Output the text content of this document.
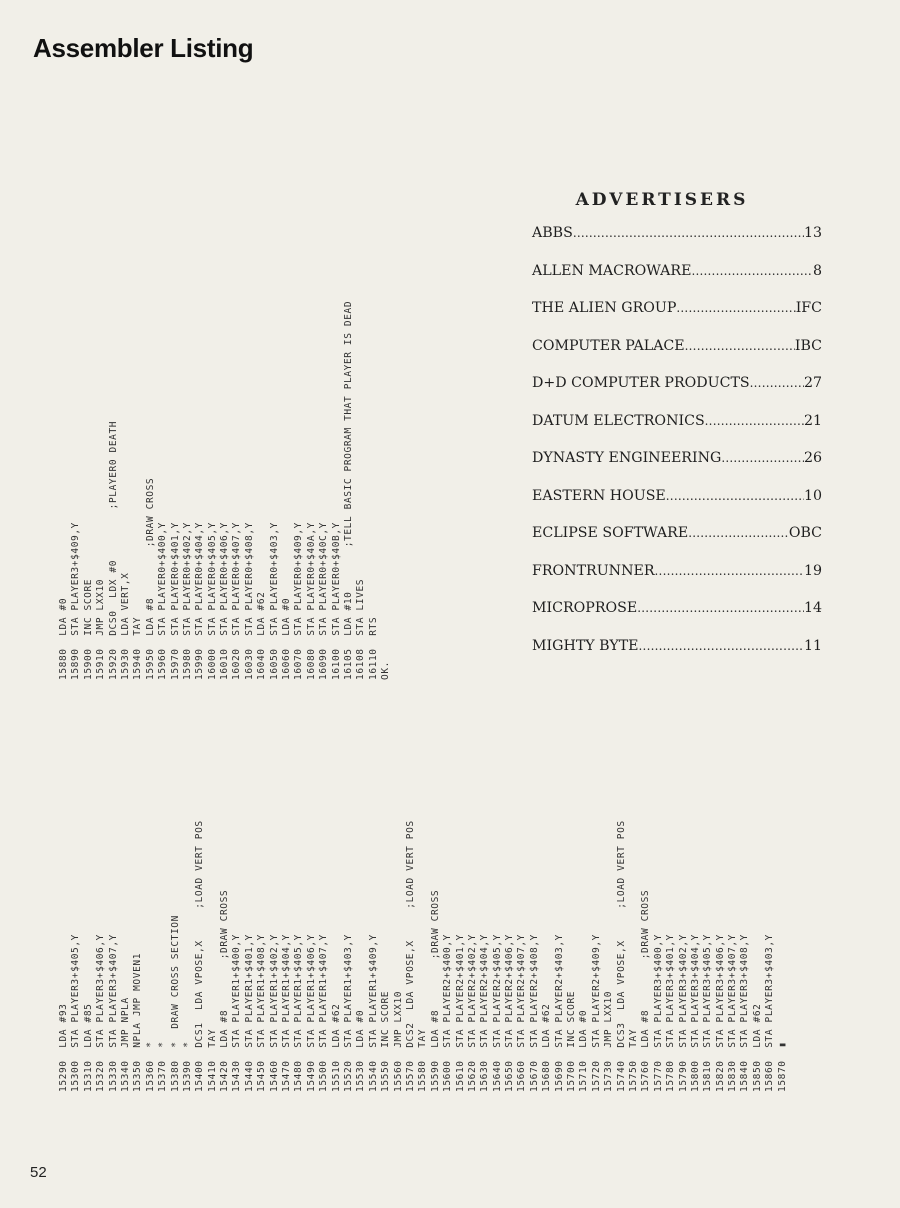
Assembler Listing
15880  LDA #0 15890  STA PLAYER3+$409,Y 15900  INC SCORE 15910  JMP LXX10 15920  DCS0  LDX #0        ;PLAYER0 DEATH 15930  LDA VERT,X 15940  TAY 15950  LDA #8        ;DRAW CROSS 15960  STA PLAYER0+$400,Y 15970  STA PLAYER0+$401,Y 15980  STA PLAYER0+$402,Y 15990  STA PLAYER0+$404,Y 16000  STA PLAYER0+$405,Y 16010  STA PLAYER0+$406,Y 16020  STA PLAYER0+$407,Y 16030  STA PLAYER0+$408,Y 16040  LDA #62 16050  STA PLAYER0+$403,Y 16060  LDA #0 16070  STA PLAYER0+$409,Y 16080  STA PLAYER0+$40A,Y 16090  STA PLAYER0+$40C,Y 16100  STA PLAYER0+$40B,Y 16105  LDA #10       ;TELL BASIC PROGRAM THAT PLAYER IS DEAD 16108  STA LIVES 16110  RTS OK.
15290  LDA #93 15300  STA PLAYER3+$405,Y 15310  LDA #85 15320  STA PLAYER3+$406,Y 15330  STA PLAYER3+$407,Y 15340  JMP NPLA 15350  NPLA JMP MOVEN1 15360  * 15370  * 15380  *  DRAW CROSS SECTION 15390  * 15400  DCS1  LDA VPOSE,X     ;LOAD VERT POS 15410  TAY 15420  LDA #8        ;DRAW CROSS 15430  STA PLAYER1+$400,Y 15440  STA PLAYER1+$401,Y 15450  STA PLAYER1+$408,Y 15460  STA PLAYER1+$402,Y 15470  STA PLAYER1+$404,Y 15480  STA PLAYER1+$405,Y 15490  STA PLAYER1+$406,Y 15500  STA PLAYER1+$407,Y 15510  LDA #62 15520  STA PLAYER1+$403,Y 15530  LDA #0 15540  STA PLAYER1+$409,Y 15550  INC SCORE 15560  JMP LXX10 15570  DCS2  LDA VPOSE,X     ;LOAD VERT POS 15580  TAY 15590  LDA #8        ;DRAW CROSS 15600  STA PLAYER2+$400,Y 15610  STA PLAYER2+$401,Y 15620  STA PLAYER2+$402,Y 15630  STA PLAYER2+$404,Y 15640  STA PLAYER2+$405,Y 15650  STA PLAYER2+$406,Y 15660  STA PLAYER2+$407,Y 15670  STA PLAYER2+$408,Y 15680  LDA #62 15690  STA PLAYER2+$403,Y 15700  INC SCORE 15710  LDA #0 15720  STA PLAYER2+$409,Y 15730  JMP LXX10 15740  DCS3  LDA VPOSE,X     ;LOAD VERT POS 15750  TAY 15760  LDA #8        ;DRAW CROSS 15770  STA PLAYER3+$400,Y 15780  STA PLAYER3+$401,Y 15790  STA PLAYER3+$402,Y 15800  STA PLAYER3+$404,Y 15810  STA PLAYER3+$405,Y 15820  STA PLAYER3+$406,Y 15830  STA PLAYER3+$407,Y 15840  STA PLAYER3+$408,Y 15850  LDA #62 15860  STA PLAYER3+$403,Y 15870  ▮
ADVERTISERS
ABBS .....	13
ALLEN MACROWARE .....	8
THE ALIEN GROUP .....	IFC
COMPUTER PALACE .....	IBC
D+D COMPUTER PRODUCTS .....	27
DATUM ELECTRONICS .....	21
DYNASTY ENGINEERING .....	26
EASTERN HOUSE .....	10
ECLIPSE SOFTWARE .....	OBC
FRONTRUNNER .....	19
MICROPROSE .....	14
MIGHTY BYTE .....	11
52
